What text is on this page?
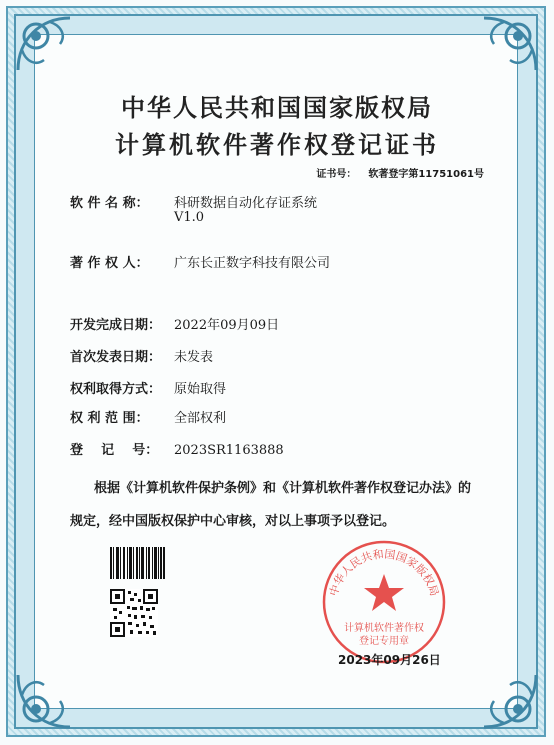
中华人民共和国国家版权局
计算机软件著作权登记证书
证书号： 软著登字第11751061号
软 件 名 称： 科研数据自动化存证系统
V1.0
著 作 权 人： 广东长正数字科技有限公司
开发完成日期： 2022年09月09日
首次发表日期： 未发表
权利取得方式： 原始取得
权 利 范 围： 全部权利
登    记    号： 2023SR1163888
根据《计算机软件保护条例》和《计算机软件著作权登记办法》的
规定，经中国版权保护中心审核，对以上事项予以登记。
中华人民共和国国家版权局
计算机软件著作权
登记专用章
2023年09月26日
